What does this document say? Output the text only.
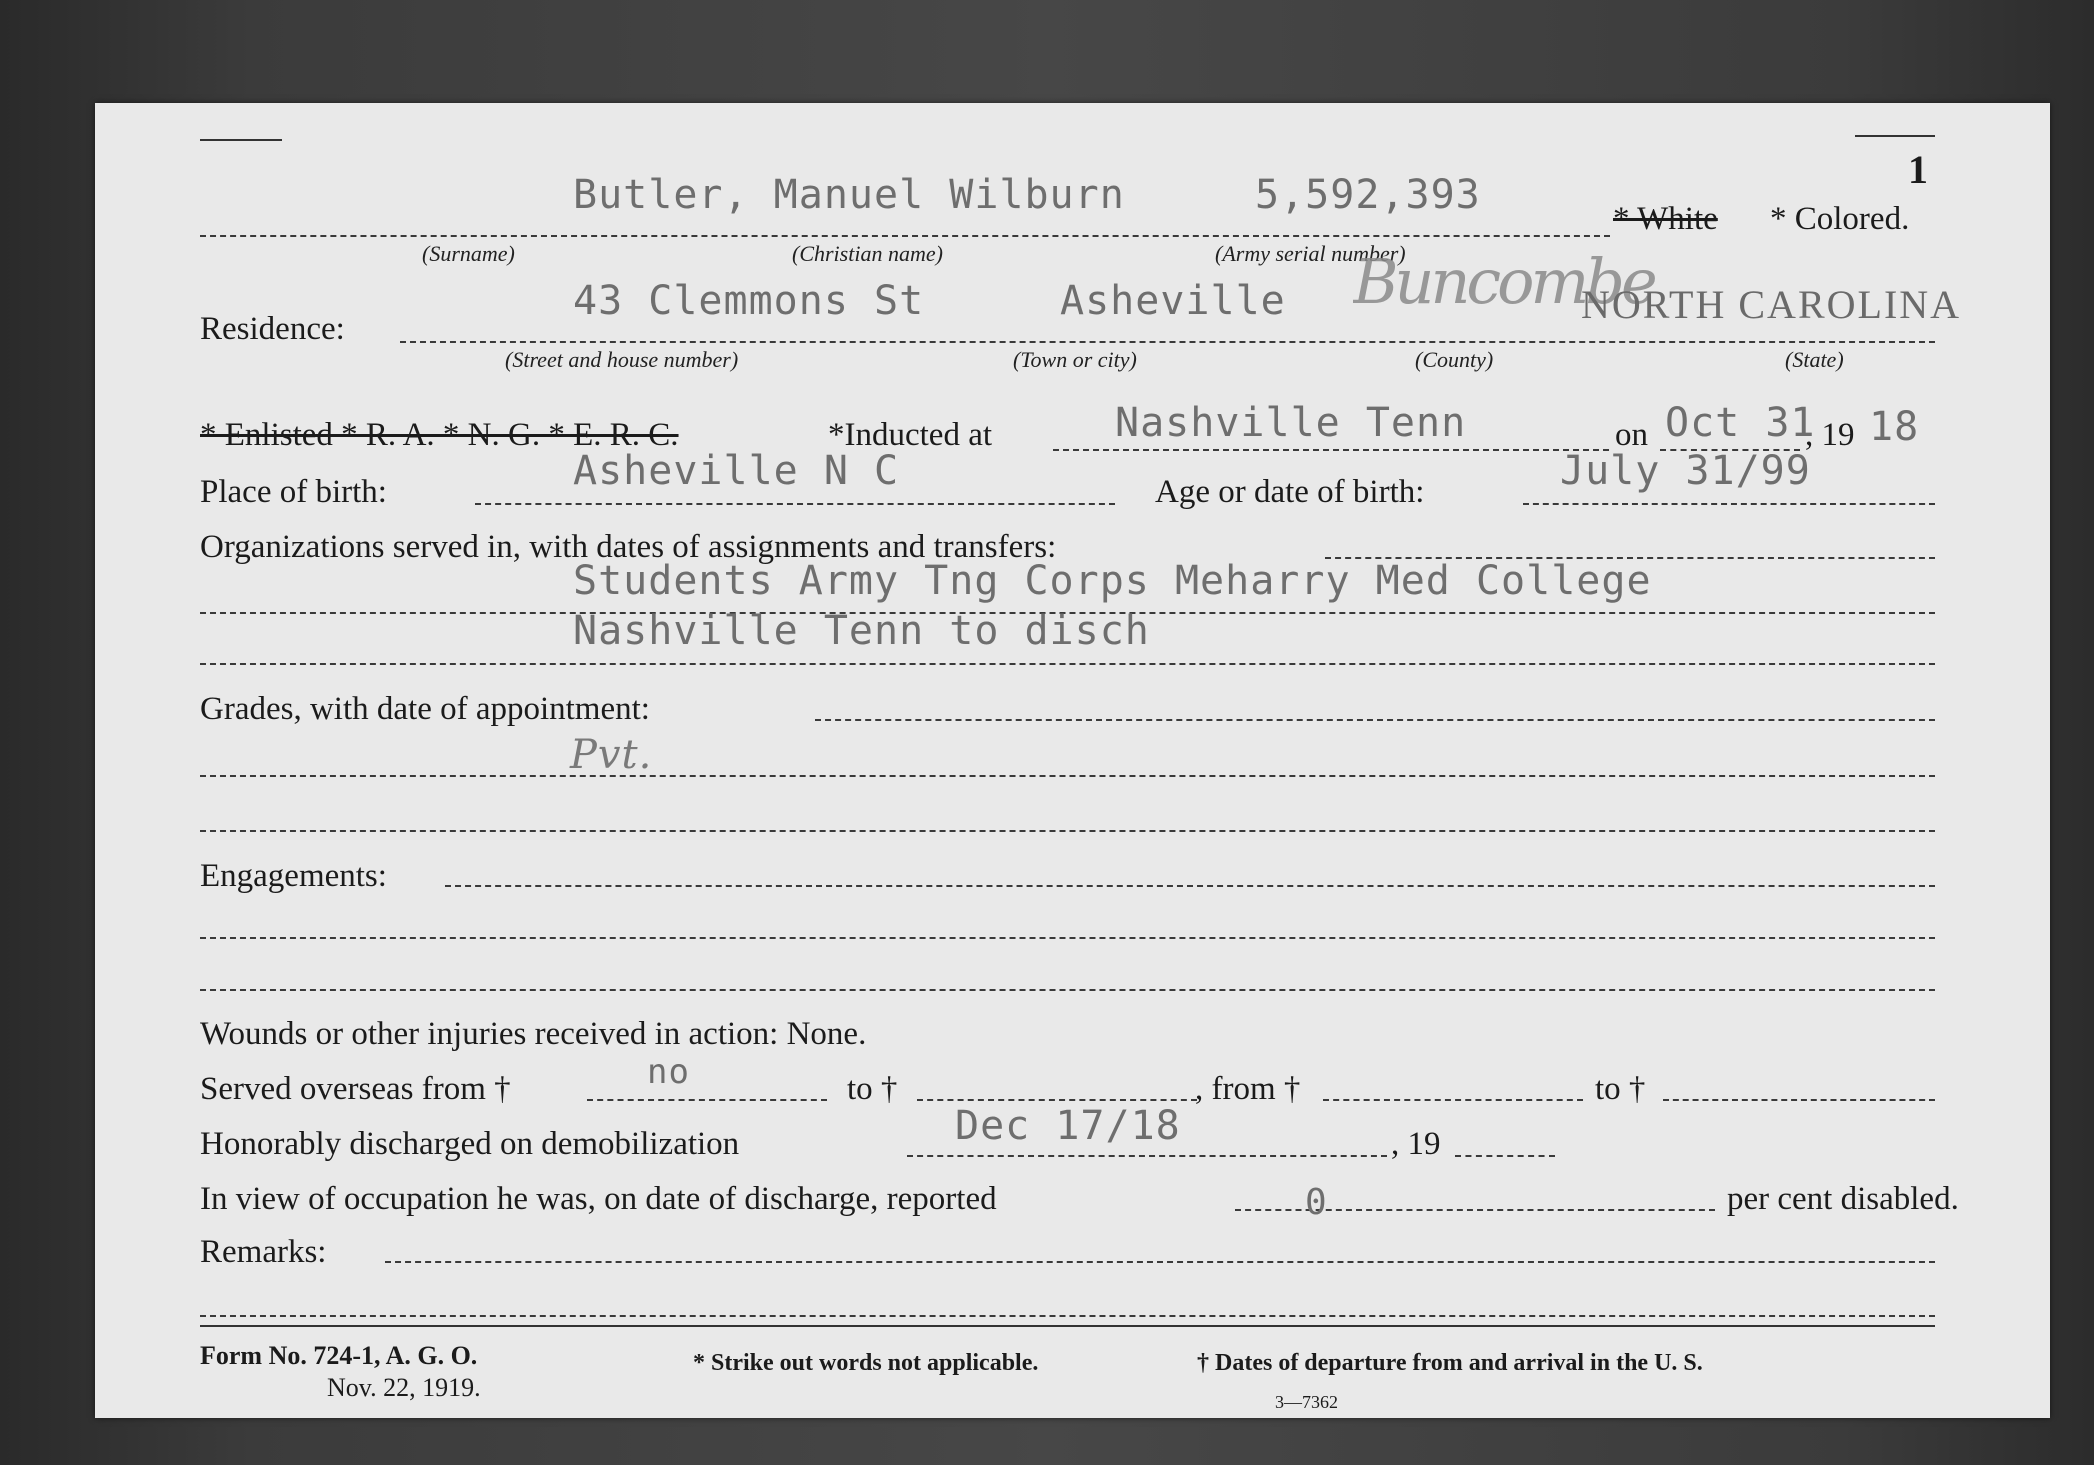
1
Butler, Manuel Wilburn	5,592,393
* White * Colored.
(Surname)	(Christian name)	(Army serial number)
Residence:
43 Clemmons St	Asheville Buncombe
NORTH CAROLINA
(Street and house number)	(Town or city)	(County)	(State)
* Enlisted * R. A. * N. G. * E. R. C.	*Inducted at	Nashville Tenn	on Oct 31
, 19 18
Place of birth:	Asheville N C	Age or date of birth:	July 31/99
Organizations served in, with dates of assignments and transfers:
Students Army Tng Corps Meharry Med College
Nashville Tenn to disch
Grades, with date of appointment:
Pvt.
Engagements:
Wounds or other injuries received in action: None.
Served overseas from †	no	to †	, from †	to †
Honorably discharged on demobilization	Dec 17/18	, 19
In view of occupation he was, on date of discharge, reported	0	per cent disabled.
Remarks:
Form No. 724-1, A. G. O.
Nov. 22, 1919.
* Strike out words not applicable.	† Dates of departure from and arrival in the U. S.
3—7362
